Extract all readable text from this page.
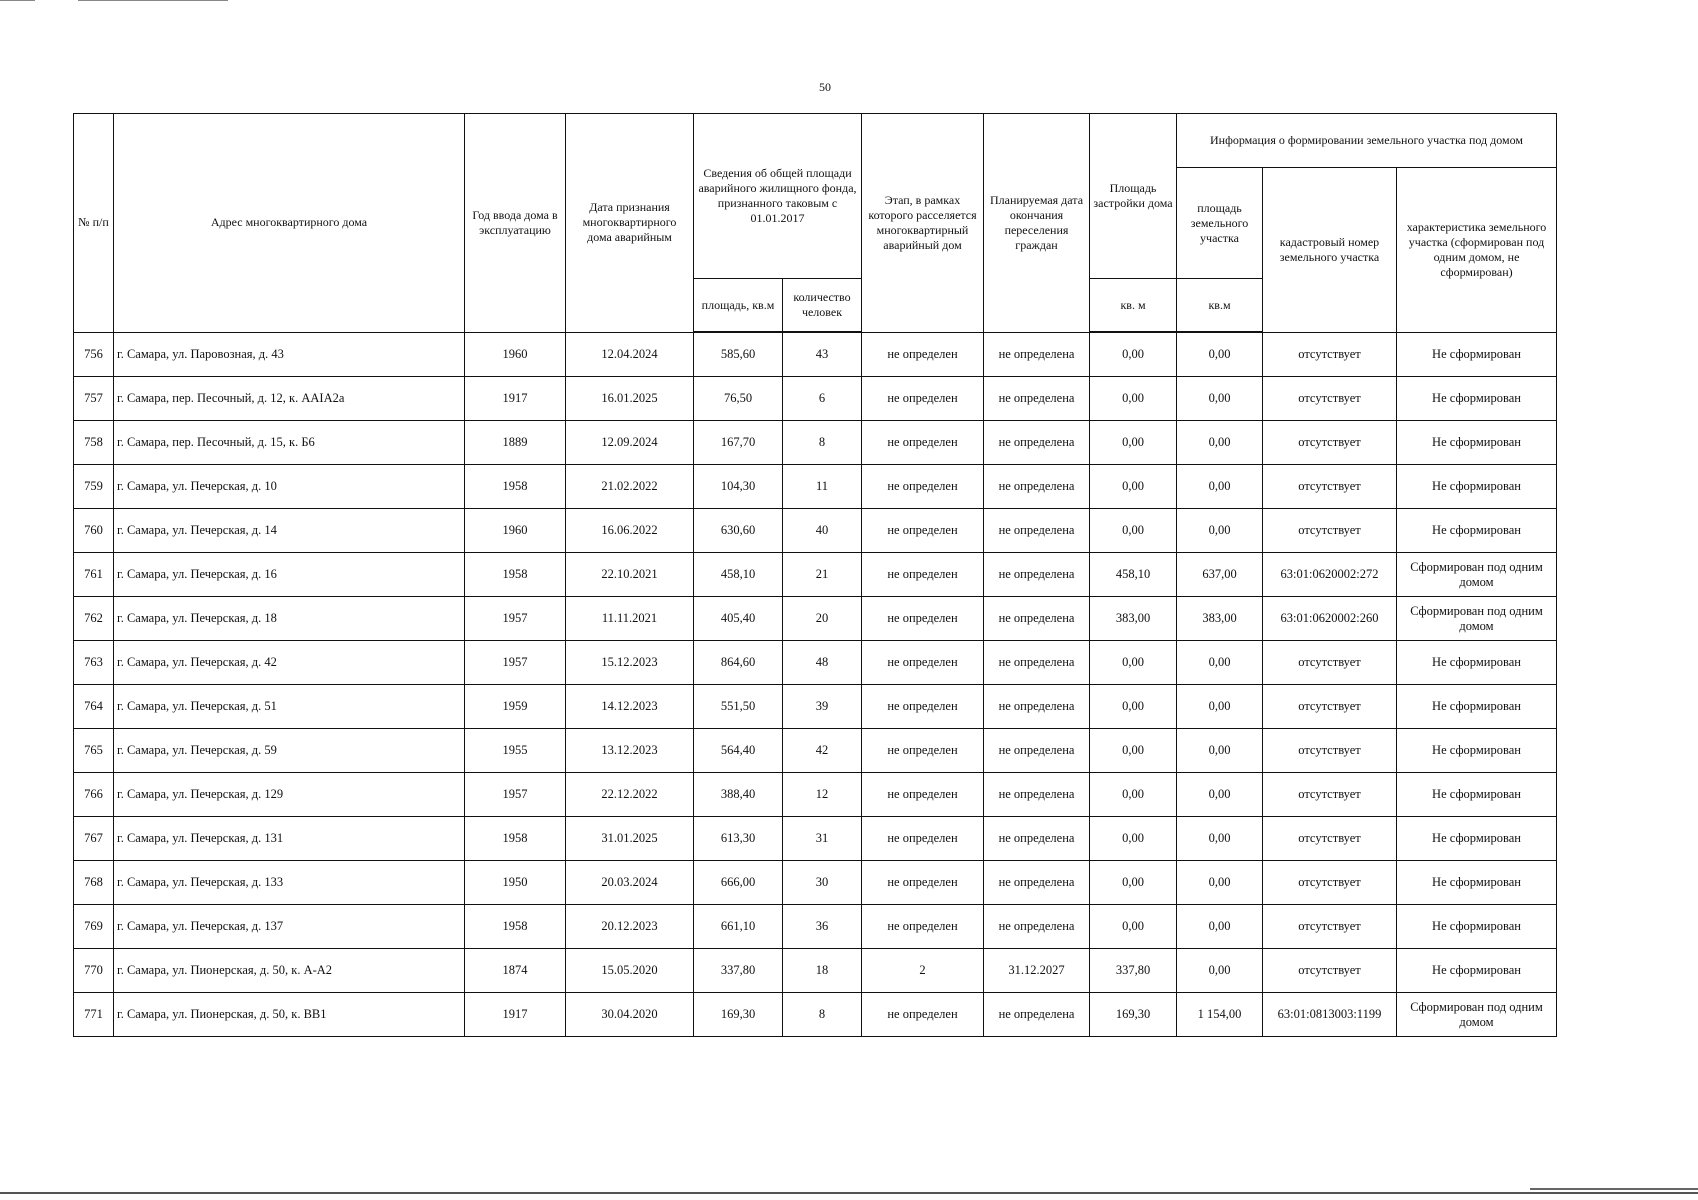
50
№ п/п	Адрес многоквартирного дома	Год ввода дома в эксплуатацию	Дата признания многоквартирного дома аварийным	Сведения об общей площади аварийного жилищного фонда, признанного таковым с 01.01.2017		Этап, в рамках которого расселяется многоквартирный аварийный дом	Планируемая дата окончания переселения граждан	Площадь застройки дома	Информация о формировании земельного участка под домом		
									площадь земельного участка	кадастровый номер земельного участка	характеристика земельного участка (сформирован под одним домом, не сформирован)
				площадь, кв.м	количество человек			кв. м	кв.м		
756	г. Самара, ул. Паровозная, д. 43	1960	12.04.2024	585,60	43	не определен	не определена	0,00	0,00	отсутствует	Не сформирован
757	г. Самара, пер. Песочный, д. 12, к. ААIА2а	1917	16.01.2025	76,50	6	не определен	не определена	0,00	0,00	отсутствует	Не сформирован
758	г. Самара, пер. Песочный, д. 15, к. Б6	1889	12.09.2024	167,70	8	не определен	не определена	0,00	0,00	отсутствует	Не сформирован
759	г. Самара, ул. Печерская, д. 10	1958	21.02.2022	104,30	11	не определен	не определена	0,00	0,00	отсутствует	Не сформирован
760	г. Самара, ул. Печерская, д. 14	1960	16.06.2022	630,60	40	не определен	не определена	0,00	0,00	отсутствует	Не сформирован
761	г. Самара, ул. Печерская, д. 16	1958	22.10.2021	458,10	21	не определен	не определена	458,10	637,00	63:01:0620002:272	Сформирован под одним домом
762	г. Самара, ул. Печерская, д. 18	1957	11.11.2021	405,40	20	не определен	не определена	383,00	383,00	63:01:0620002:260	Сформирован под одним домом
763	г. Самара, ул. Печерская, д. 42	1957	15.12.2023	864,60	48	не определен	не определена	0,00	0,00	отсутствует	Не сформирован
764	г. Самара, ул. Печерская, д. 51	1959	14.12.2023	551,50	39	не определен	не определена	0,00	0,00	отсутствует	Не сформирован
765	г. Самара, ул. Печерская, д. 59	1955	13.12.2023	564,40	42	не определен	не определена	0,00	0,00	отсутствует	Не сформирован
766	г. Самара, ул. Печерская, д. 129	1957	22.12.2022	388,40	12	не определен	не определена	0,00	0,00	отсутствует	Не сформирован
767	г. Самара, ул. Печерская, д. 131	1958	31.01.2025	613,30	31	не определен	не определена	0,00	0,00	отсутствует	Не сформирован
768	г. Самара, ул. Печерская, д. 133	1950	20.03.2024	666,00	30	не определен	не определена	0,00	0,00	отсутствует	Не сформирован
769	г. Самара, ул. Печерская, д. 137	1958	20.12.2023	661,10	36	не определен	не определена	0,00	0,00	отсутствует	Не сформирован
770	г. Самара, ул. Пионерская, д. 50, к. А-А2	1874	15.05.2020	337,80	18	2	31.12.2027	337,80	0,00	отсутствует	Не сформирован
771	г. Самара, ул. Пионерская, д. 50, к. ВВ1	1917	30.04.2020	169,30	8	не определен	не определена	169,30	1 154,00	63:01:0813003:1199	Сформирован под одним домом
